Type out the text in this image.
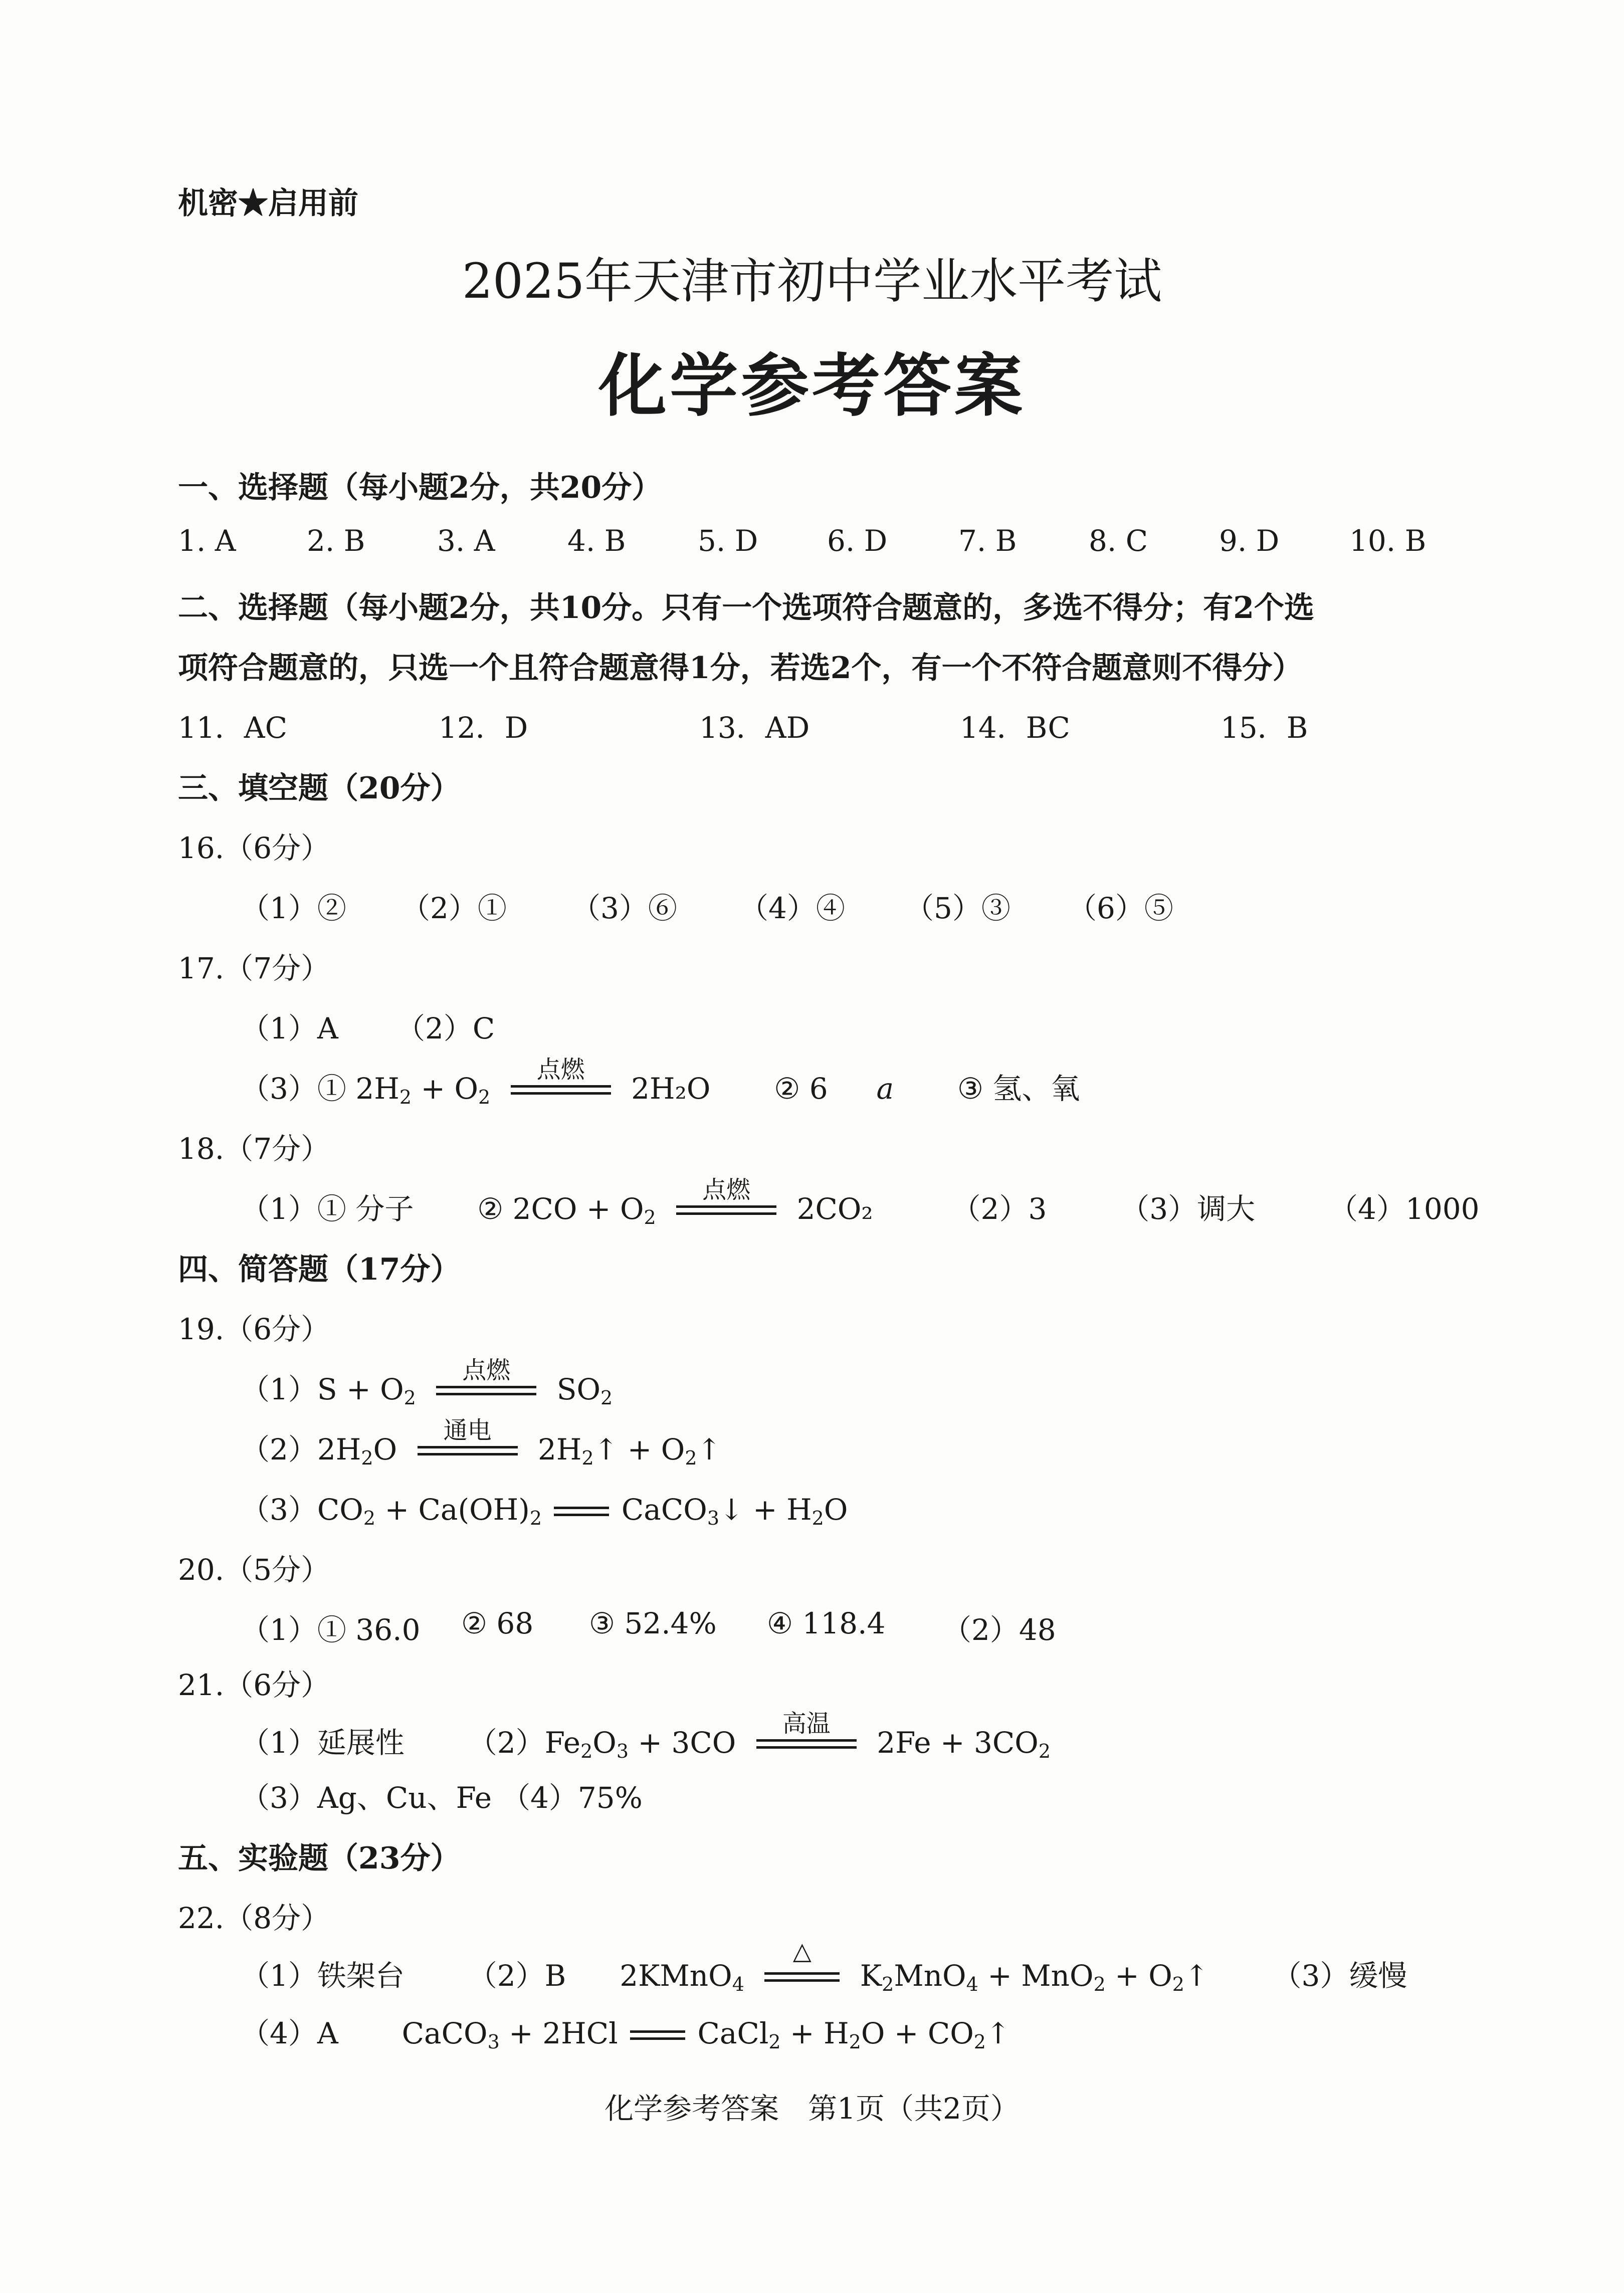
机密★启用前
2025年天津市初中学业水平考试
化学参考答案
一、选择题（每小题2分，共20分）
1. A 2. B 3. A 4. B 5. D 6. D 7. B 8. C 9. D 10. B
二、选择题（每小题2分，共10分。只有一个选项符合题意的，多选不得分；有2个选
项符合题意的，只选一个且符合题意得1分，若选2个，有一个不符合题意则不得分）
11．AC	12．D	13．AD	14．BC	15．B
三、填空题（20分）
16.（6分）
（1）② （2）① （3）⑥ （4）④ （5）③ （6）⑤
17.（7分）
（1）A （2）C
（3）① $2H_2 + O_2$
点燃
2H₂O ② 6 a ③ 氢、氧
18.（7分）
（1）① 分子 ② $2CO + O_2$
点燃
2CO₂	（2）3	（3）调大	（4）1000
四、简答题（17分）
19.（6分）
$(1)S + O_2$
点燃
$SO_2$
$(2)2H_2O$
通电
$2H_2↑$ + $O_2↑$
$(3)CO_2 + Ca(OH)_2$	CaCO$_3$↓ + $H_2O$
20.（5分）
（1）① 36.0 ② 68 ③ 52.4% ④ 118.4 （2）48
21.（6分）
（1）延展性 $(2)Fe_2O_3 + 3CO$
高温
$2Fe + 3CO_2$
（3）Ag、Cu、Fe （4）75%
五、实验题（23分）
22.（8分）
（1）铁架台 （2）B 2KMnO$_4$
△
$K_2MnO_4 + MnO_2$ + $O_2↑$ （3）缓慢
（4）A CaCO$_3$ + 2HCl	CaCl$_2$ + $H_2O$ + $CO_2↑$
化学参考答案　第1页（共2页）
